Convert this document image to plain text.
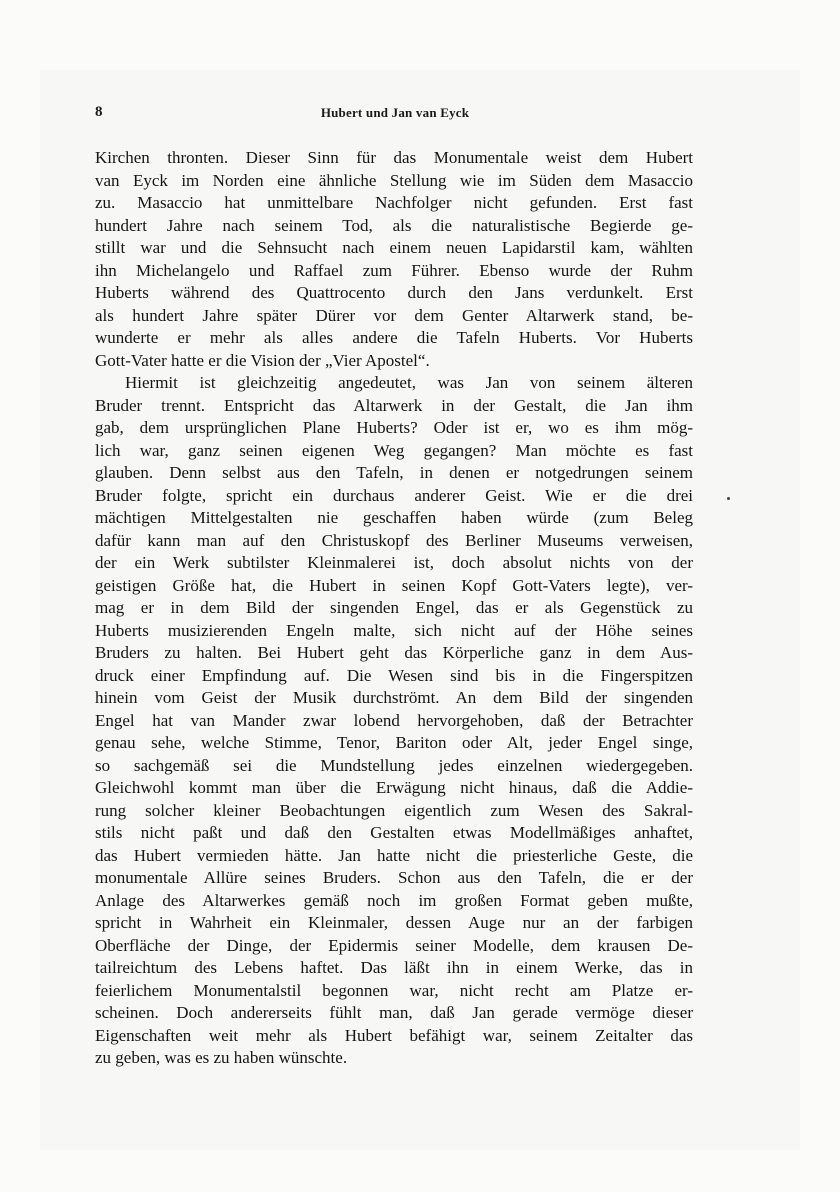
8	Hubert und Jan van Eyck
Kirchen thronten. Dieser Sinn für das Monumentale weist dem Hubert
van Eyck im Norden eine ähnliche Stellung wie im Süden dem Masaccio
zu. Masaccio hat unmittelbare Nachfolger nicht gefunden. Erst fast
hundert Jahre nach seinem Tod, als die naturalistische Begierde ge-
stillt war und die Sehnsucht nach einem neuen Lapidarstil kam, wählten
ihn Michelangelo und Raffael zum Führer. Ebenso wurde der Ruhm
Huberts während des Quattrocento durch den Jans verdunkelt. Erst
als hundert Jahre später Dürer vor dem Genter Altarwerk stand, be-
wunderte er mehr als alles andere die Tafeln Huberts. Vor Huberts
Gott-Vater hatte er die Vision der „Vier Apostel“.
Hiermit ist gleichzeitig angedeutet, was Jan von seinem älteren
Bruder trennt. Entspricht das Altarwerk in der Gestalt, die Jan ihm
gab, dem ursprünglichen Plane Huberts? Oder ist er, wo es ihm mög-
lich war, ganz seinen eigenen Weg gegangen? Man möchte es fast
glauben. Denn selbst aus den Tafeln, in denen er notgedrungen seinem
Bruder folgte, spricht ein durchaus anderer Geist. Wie er die drei
mächtigen Mittelgestalten nie geschaffen haben würde (zum Beleg
dafür kann man auf den Christuskopf des Berliner Museums verweisen,
der ein Werk subtilster Kleinmalerei ist, doch absolut nichts von der
geistigen Größe hat, die Hubert in seinen Kopf Gott-Vaters legte), ver-
mag er in dem Bild der singenden Engel, das er als Gegenstück zu
Huberts musizierenden Engeln malte, sich nicht auf der Höhe seines
Bruders zu halten. Bei Hubert geht das Körperliche ganz in dem Aus-
druck einer Empfindung auf. Die Wesen sind bis in die Fingerspitzen
hinein vom Geist der Musik durchströmt. An dem Bild der singenden
Engel hat van Mander zwar lobend hervorgehoben, daß der Betrachter
genau sehe, welche Stimme, Tenor, Bariton oder Alt, jeder Engel singe,
so sachgemäß sei die Mundstellung jedes einzelnen wiedergegeben.
Gleichwohl kommt man über die Erwägung nicht hinaus, daß die Addie-
rung solcher kleiner Beobachtungen eigentlich zum Wesen des Sakral-
stils nicht paßt und daß den Gestalten etwas Modellmäßiges anhaftet,
das Hubert vermieden hätte. Jan hatte nicht die priesterliche Geste, die
monumentale Allüre seines Bruders. Schon aus den Tafeln, die er der
Anlage des Altarwerkes gemäß noch im großen Format geben mußte,
spricht in Wahrheit ein Kleinmaler, dessen Auge nur an der farbigen
Oberfläche der Dinge, der Epidermis seiner Modelle, dem krausen De-
tailreichtum des Lebens haftet. Das läßt ihn in einem Werke, das in
feierlichem Monumentalstil begonnen war, nicht recht am Platze er-
scheinen. Doch andererseits fühlt man, daß Jan gerade vermöge dieser
Eigenschaften weit mehr als Hubert befähigt war, seinem Zeitalter das
zu geben, was es zu haben wünschte.
